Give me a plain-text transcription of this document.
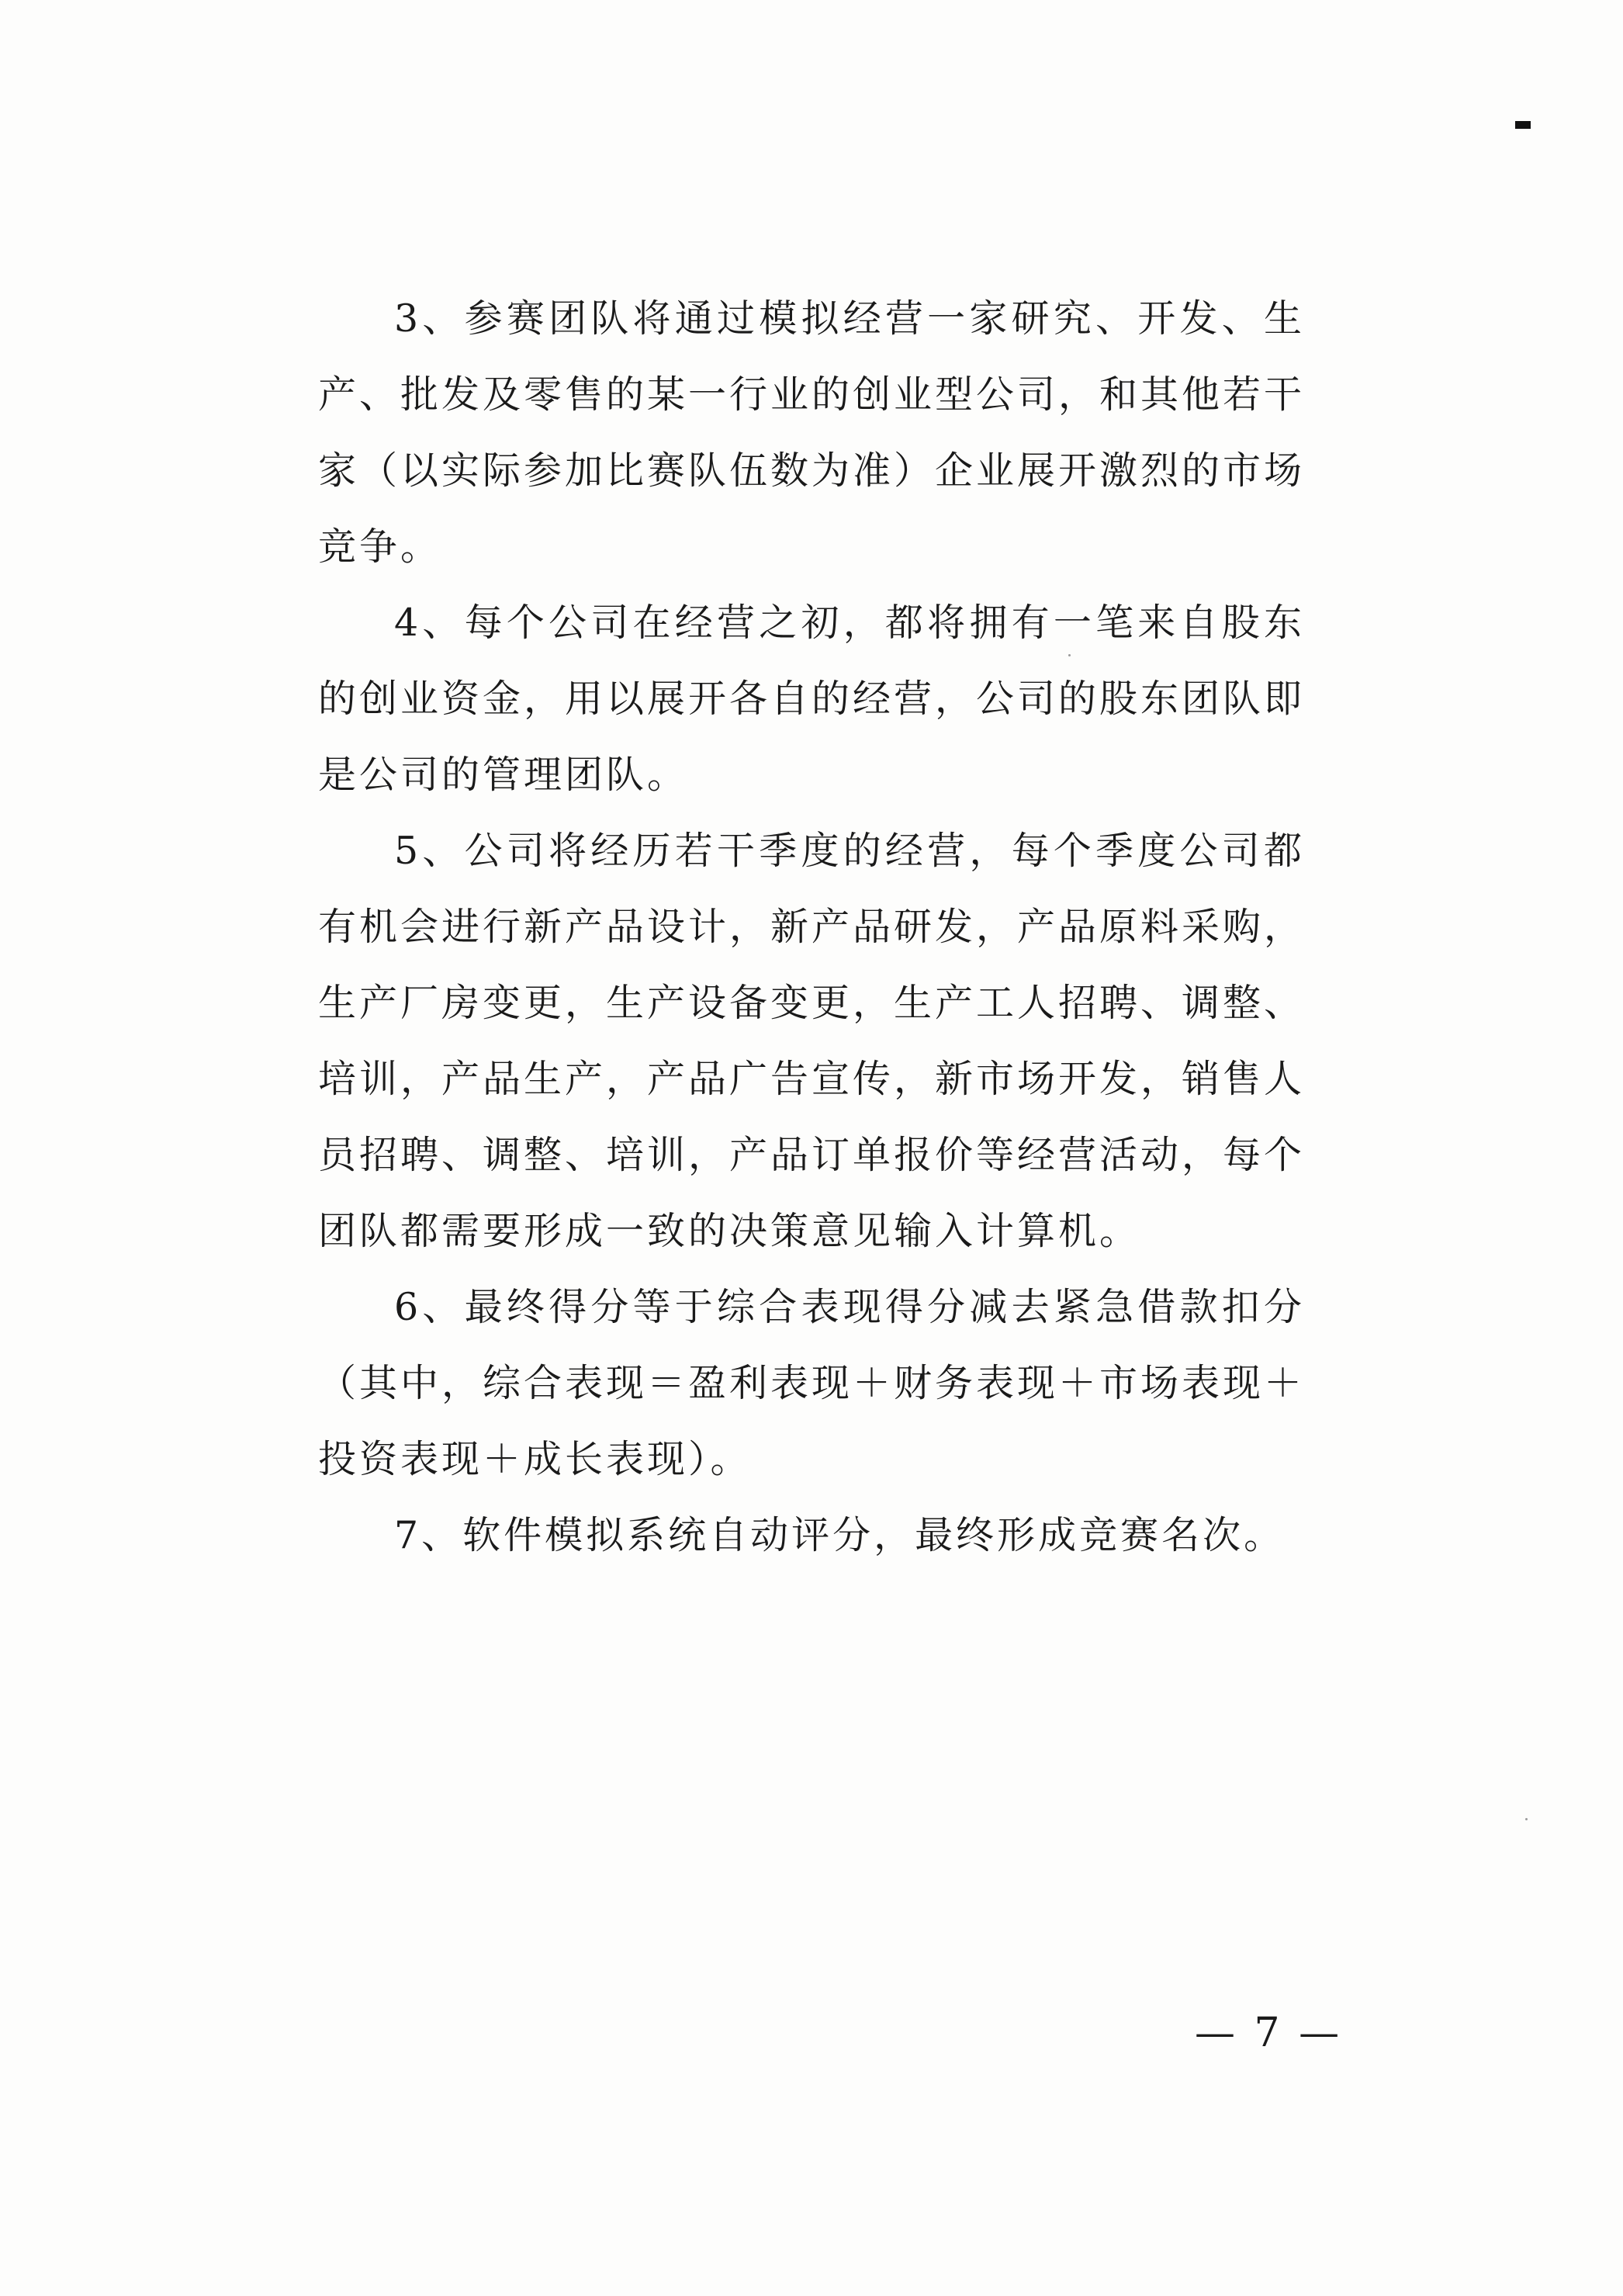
3、参赛团队将通过模拟经营一家研究、开发、生产、批发及零售的某一行业的创业型公司，和其他若干家（以实际参加比赛队伍数为准）企业展开激烈的市场竞争。

4、每个公司在经营之初，都将拥有一笔来自股东的创业资金，用以展开各自的经营，公司的股东团队即是公司的管理团队。

5、公司将经历若干季度的经营，每个季度公司都有机会进行新产品设计，新产品研发，产品原料采购，生产厂房变更，生产设备变更，生产工人招聘、调整、培训，产品生产，产品广告宣传，新市场开发，销售人员招聘、调整、培训，产品订单报价等经营活动，每个团队都需要形成一致的决策意见输入计算机。

6、最终得分等于综合表现得分减去紧急借款扣分（其中，综合表现＝盈利表现＋财务表现＋市场表现＋投资表现＋成长表现）。

7、软件模拟系统自动评分，最终形成竞赛名次。

— 7 —
